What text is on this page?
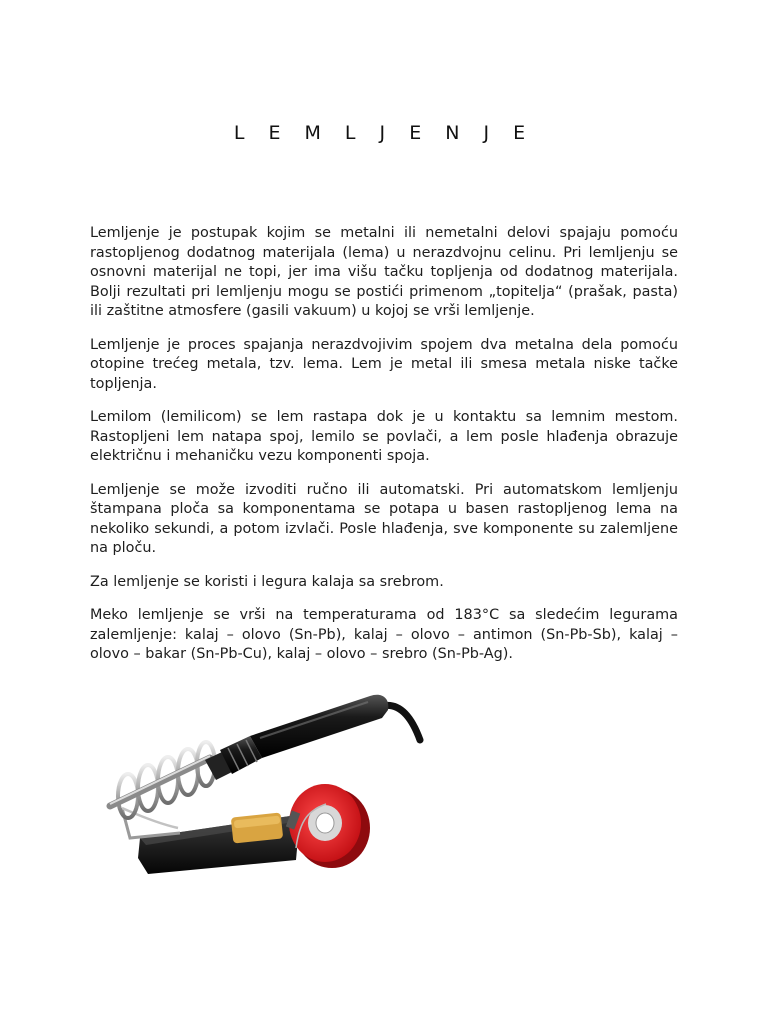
L E M L J E N J E

Lemljenje je postupak kojim se metalni ili nemetalni delovi spajaju pomoću rastopljenog dodatnog materijala (lema) u nerazdvojnu celinu. Pri lemljenju se osnovni materijal ne topi, jer ima višu tačku topljenja od dodatnog materijala. Bolji rezultati pri lemljenju mogu se postići primenom „topitelja“ (prašak, pasta) ili zaštitne atmosfere (gasili vakuum) u kojoj se vrši lemljenje.

Lemljenje je proces spajanja nerazdvojivim spojem dva metalna dela pomoću otopine trećeg metala, tzv. lema. Lem je metal ili smesa metala niske tačke topljenja.

Lemilom (lemilicom) se lem rastapa dok je u kontaktu sa lemnim mestom. Rastopljeni lem natapa spoj, lemilo se povlači, a lem posle hlađenja obrazuje električnu i mehaničku vezu komponenti spoja.

Lemljenje se može izvoditi ručno ili automatski. Pri automatskom lemljenju štampana ploča sa komponentama se potapa u basen rastopljenog lema na nekoliko sekundi, a potom izvlači. Posle hlađenja, sve komponente su zalemljene na ploču.

Za lemljenje se koristi i legura kalaja sa srebrom.

Meko lemljenje se vrši na temperaturama od 183°C sa sledećim legurama zalemljenje: kalaj – olovo (Sn-Pb), kalaj – olovo – antimon (Sn-Pb-Sb), kalaj – olovo – bakar (Sn-Pb-Cu), kalaj – olovo – srebro (Sn-Pb-Ag).
